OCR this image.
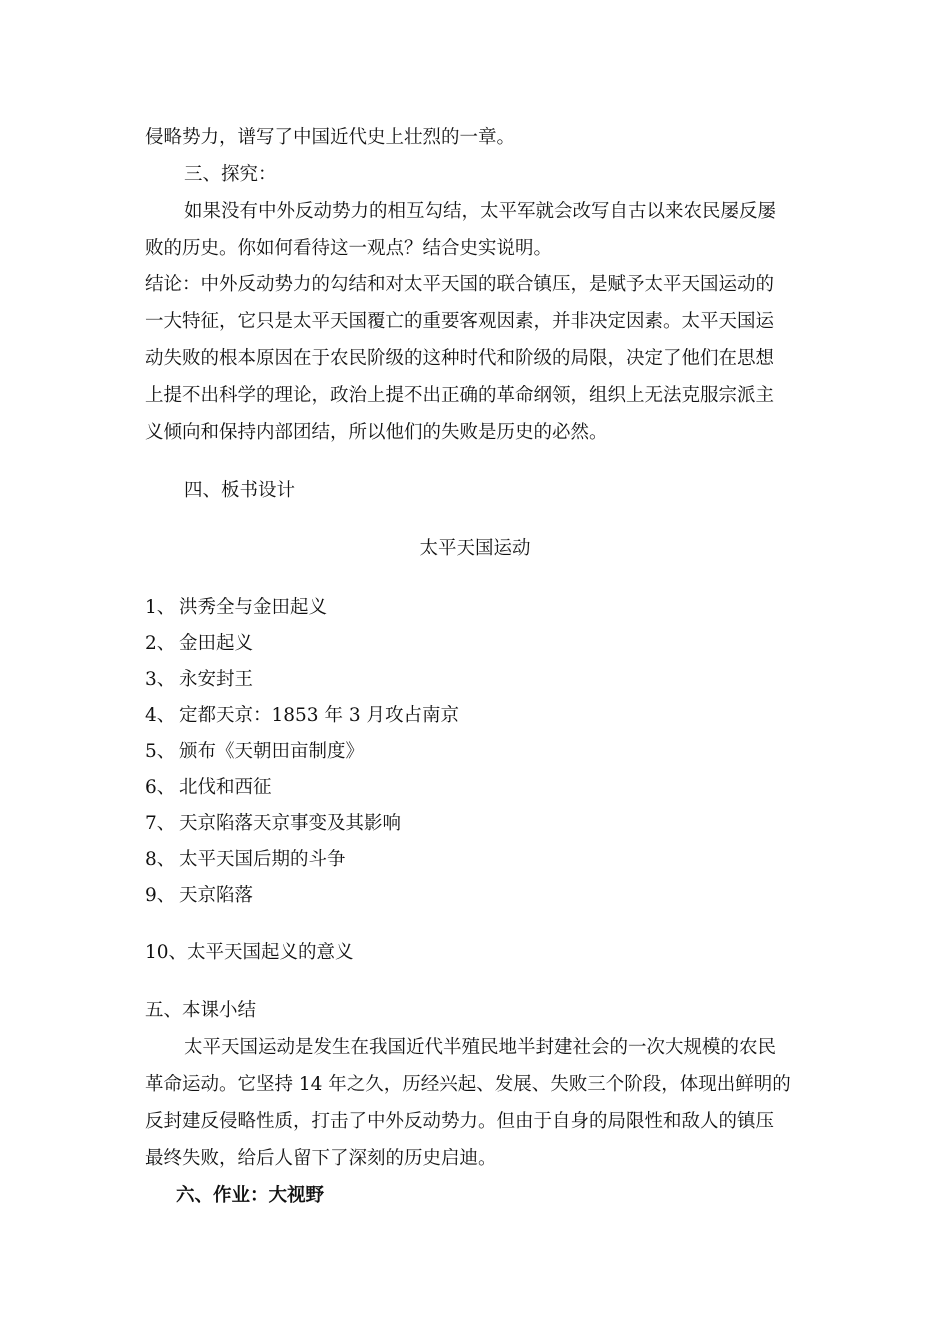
侵略势力，谱写了中国近代史上壮烈的一章。
三、探究：
如果没有中外反动势力的相互勾结，太平军就会改写自古以来农民屡反屡
败的历史。你如何看待这一观点？结合史实说明。
结论：中外反动势力的勾结和对太平天国的联合镇压，是赋予太平天国运动的
一大特征，它只是太平天国覆亡的重要客观因素，并非决定因素。太平天国运
动失败的根本原因在于农民阶级的这种时代和阶级的局限，决定了他们在思想
上提不出科学的理论，政治上提不出正确的革命纲领，组织上无法克服宗派主
义倾向和保持内部团结，所以他们的失败是历史的必然。
四、板书设计
太平天国运动
1、 洪秀全与金田起义
2、 金田起义
3、 永安封王
4、 定都天京：1853 年 3 月攻占南京
5、 颁布《天朝田亩制度》
6、 北伐和西征
7、 天京陷落天京事变及其影响
8、 太平天国后期的斗争
9、 天京陷落
10、太平天国起义的意义
五、本课小结
太平天国运动是发生在我国近代半殖民地半封建社会的一次大规模的农民
革命运动。它坚持 14 年之久，历经兴起、发展、失败三个阶段，体现出鲜明的
反封建反侵略性质，打击了中外反动势力。但由于自身的局限性和敌人的镇压
最终失败，给后人留下了深刻的历史启迪。
六、作业：大视野
